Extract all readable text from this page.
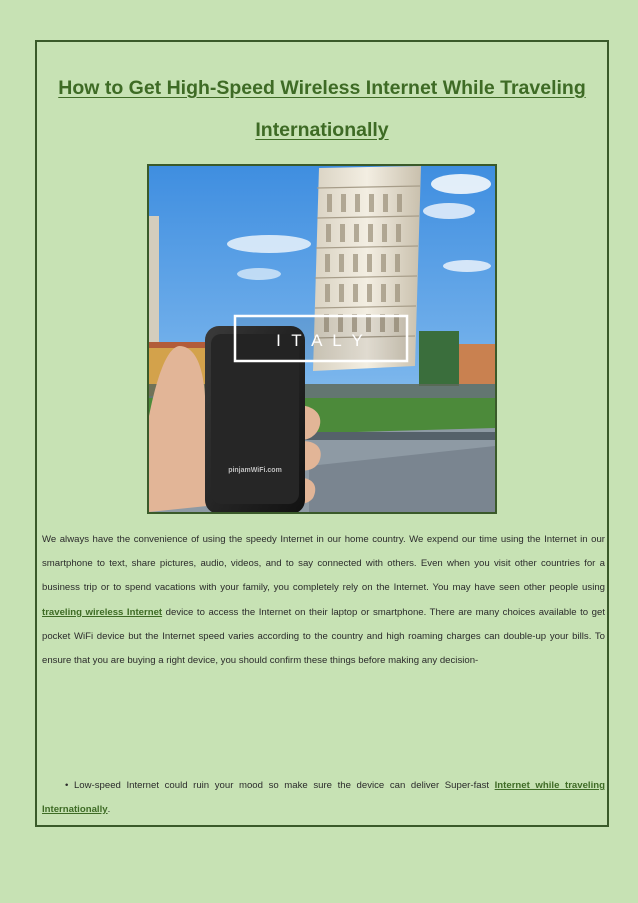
How to Get High-Speed Wireless Internet While Traveling Internationally
pinjamWiFi.com
I T A L Y

We always have the convenience of using the speedy Internet in our home country. We expend our time using the Internet in our smartphone to text, share pictures, audio, videos, and to say connected with others. Even when you visit other countries for a business trip or to spend vacations with your family, you completely rely on the Internet. You may have seen other people using traveling wireless Internet device to access the Internet on their laptop or smartphone. There are many choices available to get pocket WiFi device but the Internet speed varies according to the country and high roaming charges can double-up your bills. To ensure that you are buying a right device, you should confirm these things before making any decision-

• Low-speed Internet could ruin your mood so make sure the device can deliver Super-fast Internet while traveling Internationally.
